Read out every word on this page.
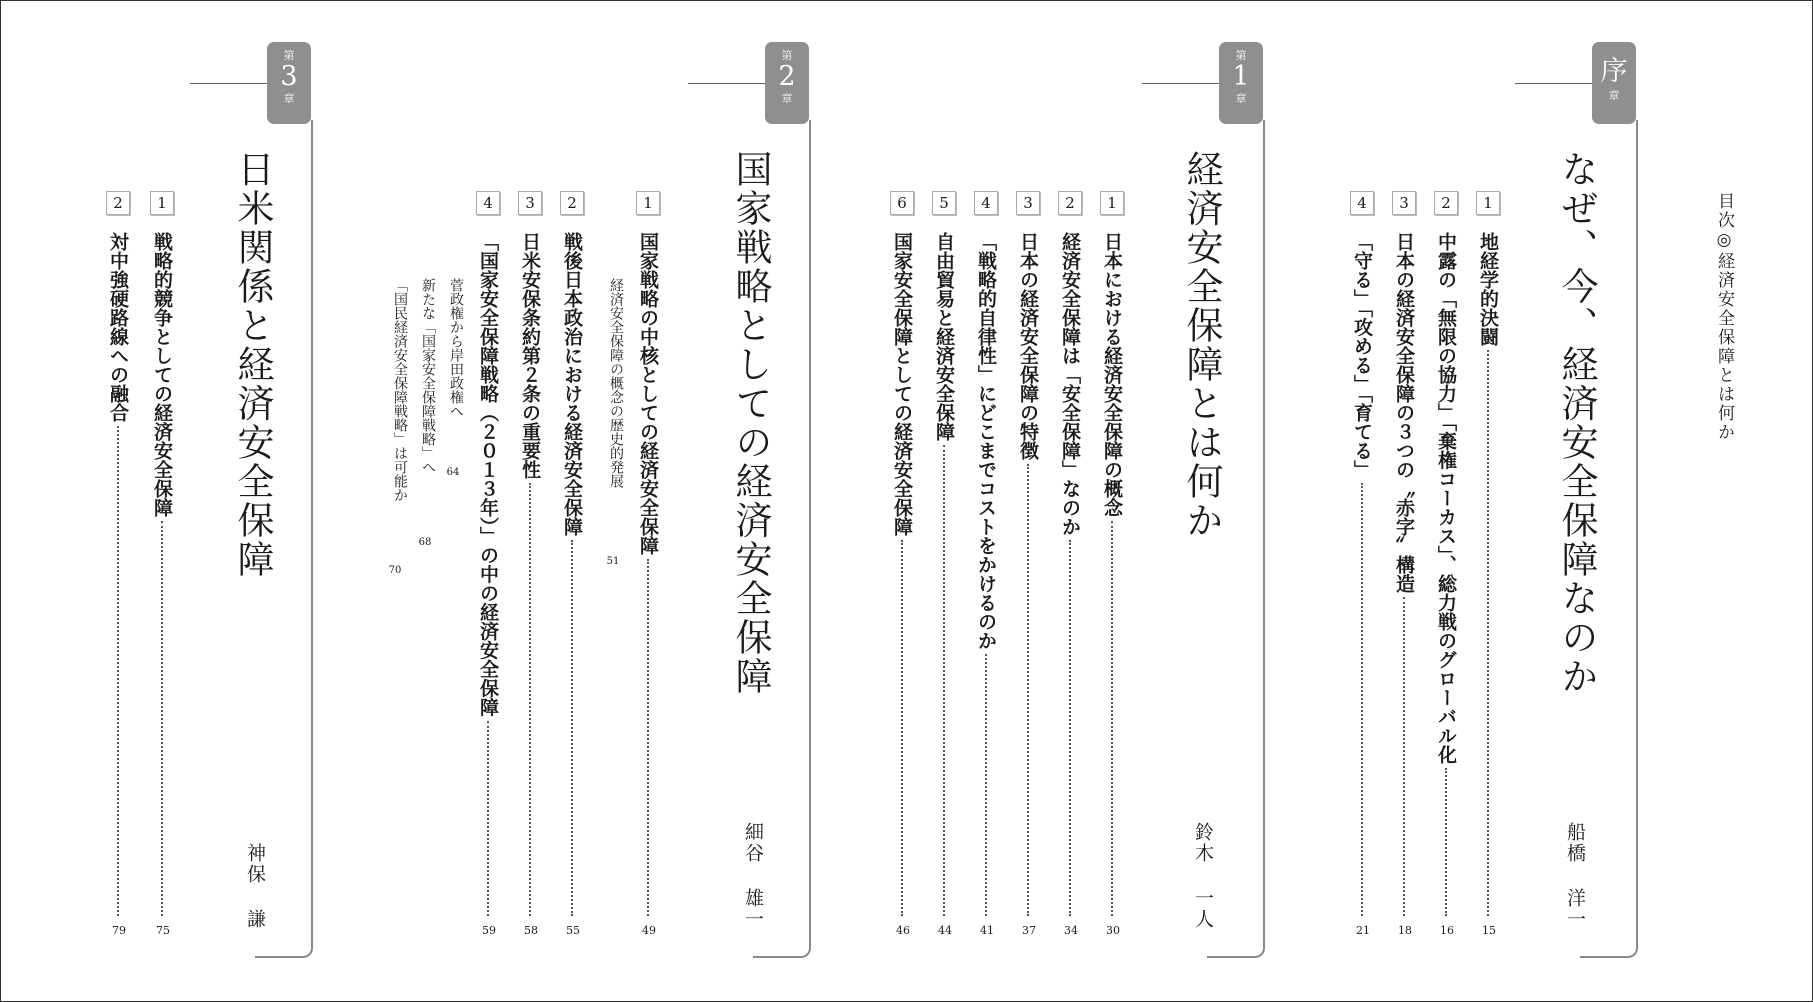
目次◎経済安全保障とは何か
序
章
なぜ、今、経済安全保障なのか
船橋 洋一
1
地経学的決闘
15
2
中露の「無限の協力」「棄権コーカス」、総力戦のグローバル化
16
3
日本の経済安全保障の３つの〝赤字〟構造
18
4
「守る」「攻める」「育てる」
21
第
1
章
経済安全保障とは何か
鈴木 一人
1
日本における経済安全保障の概念
30
2
経済安全保障は「安全保障」なのか
34
3
日本の経済安全保障の特徴
37
4
「戦略的自律性」にどこまでコストをかけるのか
41
5
自由貿易と経済安全保障
44
6
国家安全保障としての経済安全保障
46
第
2
章
国家戦略としての経済安全保障
細谷 雄一
1
国家戦略の中核としての経済安全保障
49
経済安全保障の概念の歴史的発展
51
2
戦後日本政治における経済安全保障
55
3
日米安保条約第２条の重要性
58
4
「国家安全保障戦略（２０１３年）」の中の経済安全保障
59
菅政権から岸田政権へ
64
新たな「国家安全保障戦略」へ
68
「国民経済安全保障戦略」は可能か
70
第
3
章
日米関係と経済安全保障
神保 謙
1
戦略的競争としての経済安全保障
75
2
対中強硬路線への融合
79
